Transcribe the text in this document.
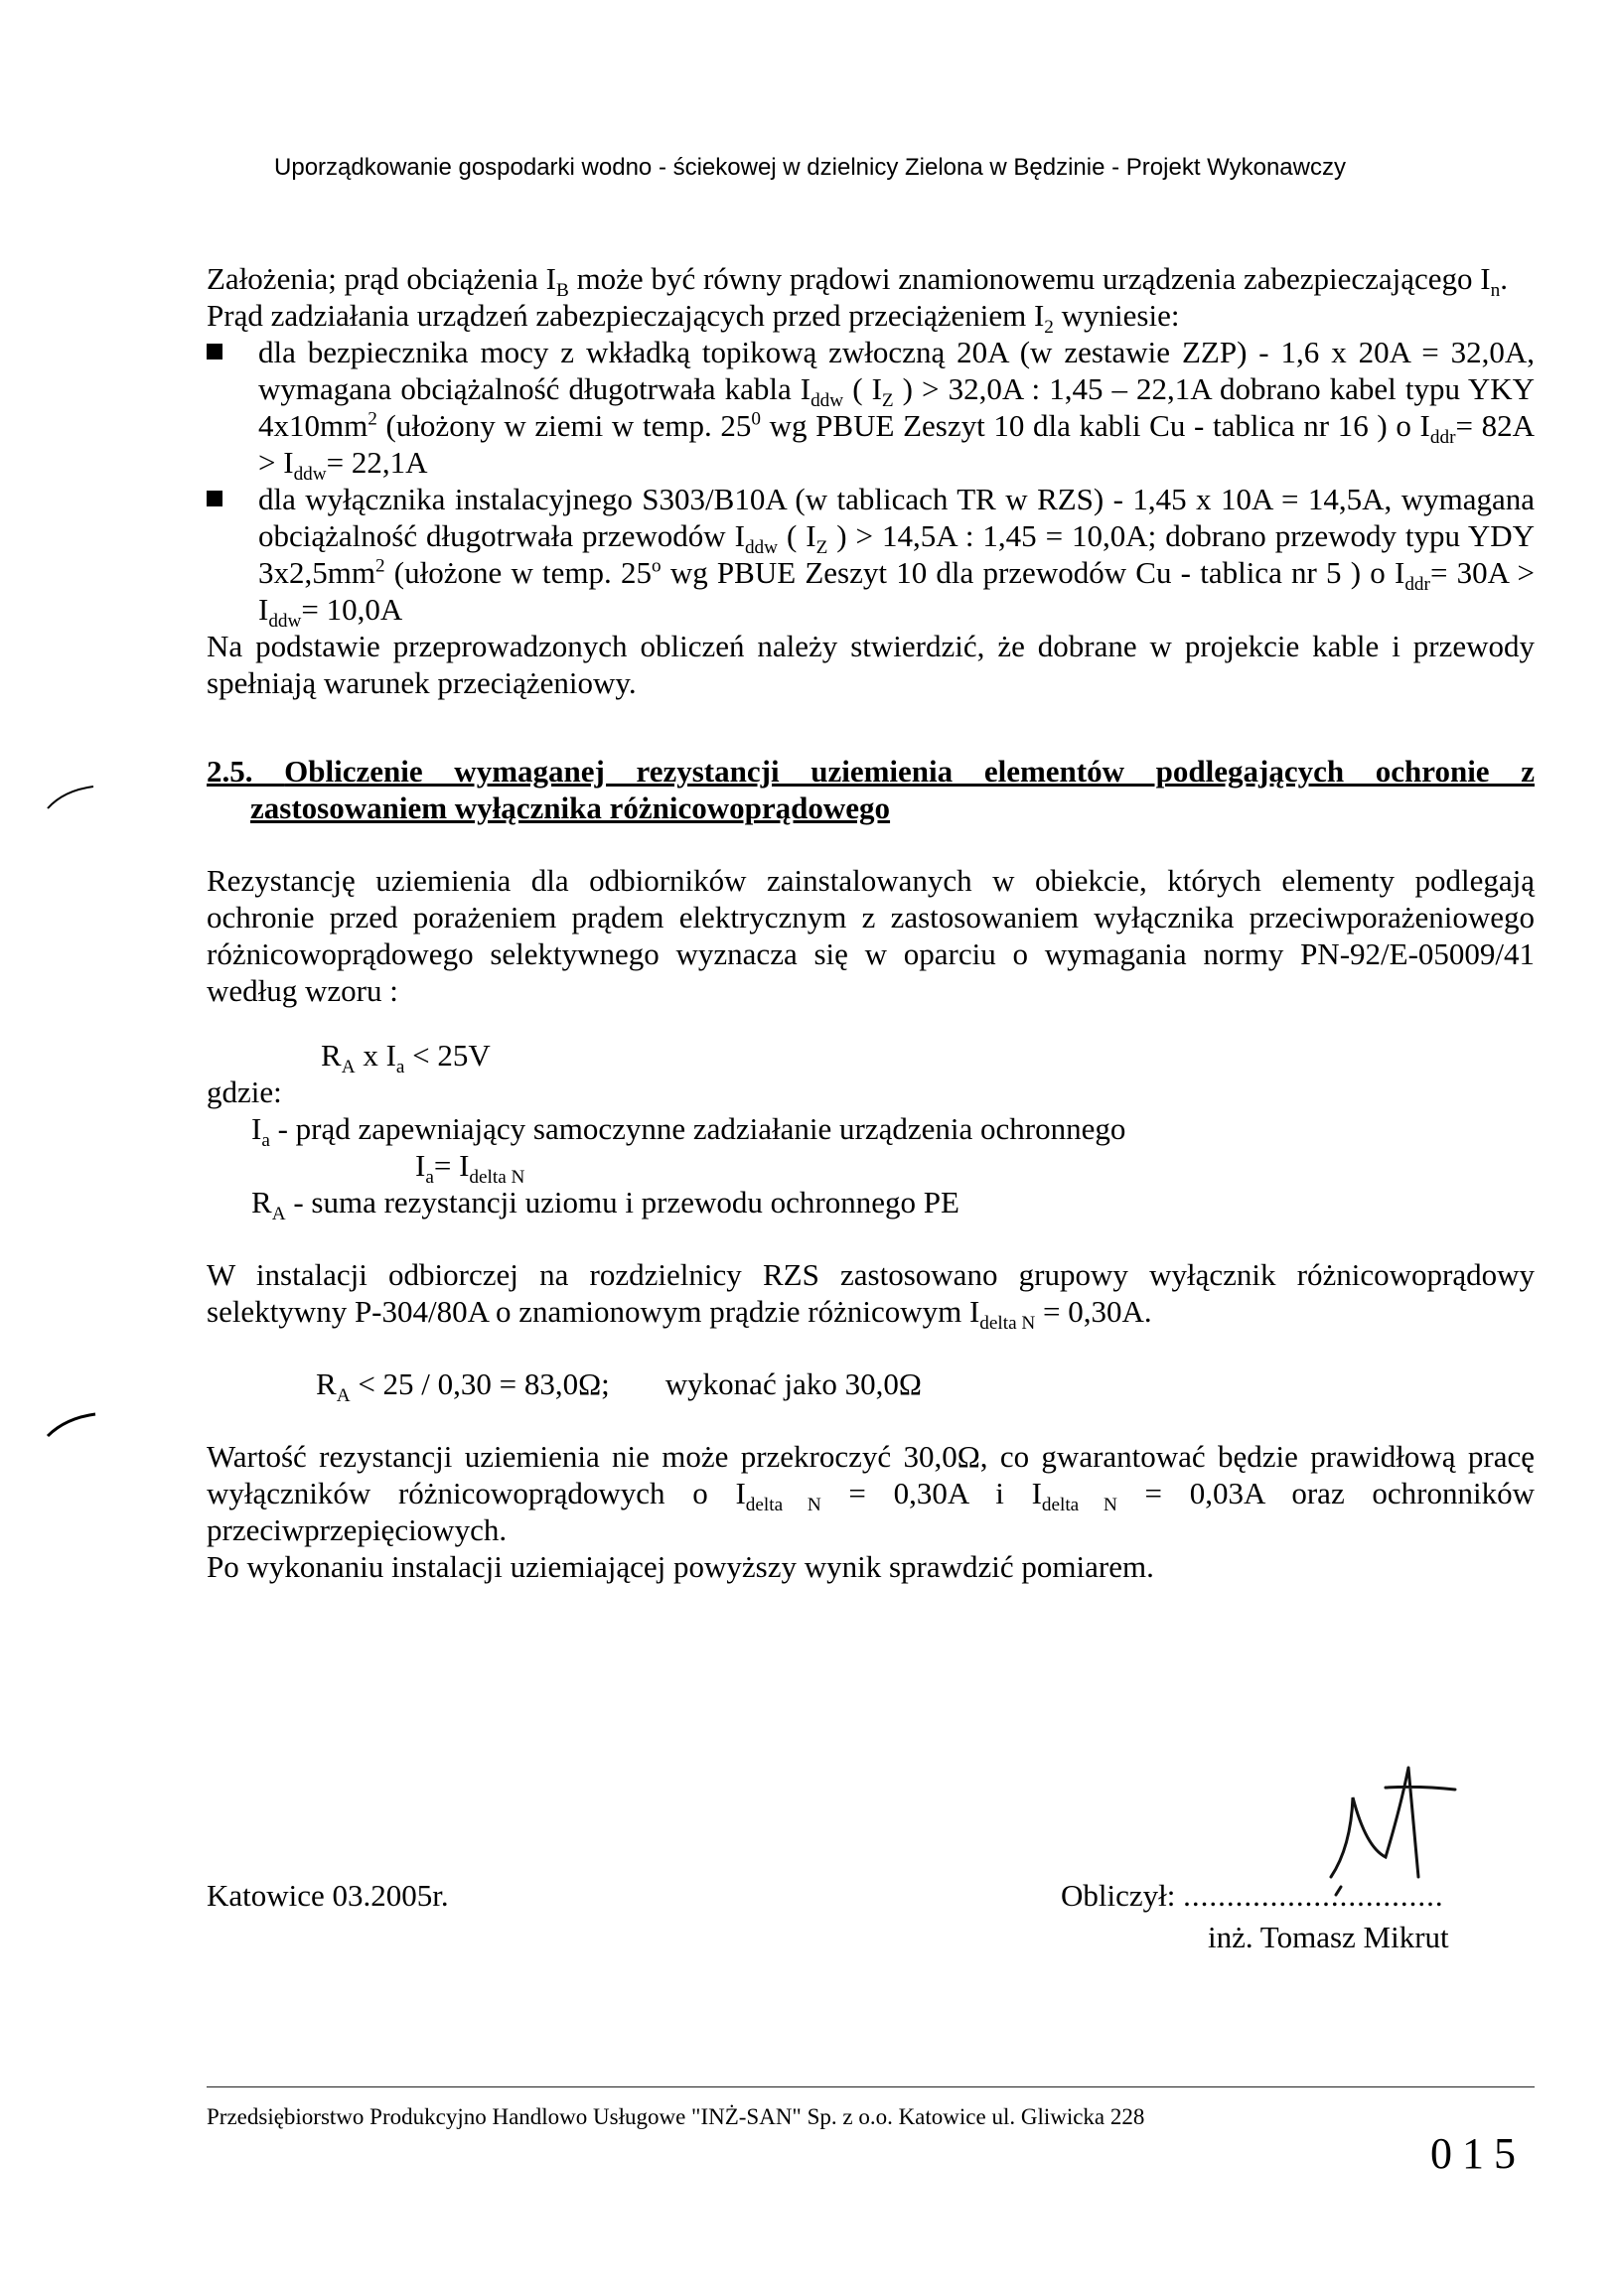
Uporządkowanie gospodarki wodno - ściekowej w dzielnicy Zielona w Będzinie - Projekt Wykonawczy

Założenia; prąd obciążenia $I_B$ może być równy prądowi znamionowemu urządzenia zabezpieczającego $I_n$.

Prąd zadziałania urządzeń zabezpieczających przed przeciążeniem $I_2$ wyniesie:

dla bezpiecznika mocy z wkładką topikową zwłoczną 20A (w zestawie ZZP) - 1,6 x 20A = 32,0A, wymagana obciążalność długotrwała kabla $I_{ddw}$ ( $I_Z$ ) > 32,0A : 1,45 – 22,1A dobrano kabel typu YKY $4x10mm^2$ (ułożony w ziemi w temp. $25^0$ wg PBUE Zeszyt 10 dla kabli Cu - tablica nr 16 ) o $I_{ddr}= 82A > I_{ddw}= 22,1A$
dla wyłącznika instalacyjnego S303/B10A (w tablicach TR w RZS) - 1,45 x 10A = 14,5A, wymagana obciążalność długotrwała przewodów $I_{ddw}$ ( $I_Z$ ) > 14,5A : 1,45 = 10,0A; dobrano przewody typu YDY $3x2,5mm^2$ (ułożone w temp. 25$^o$ wg PBUE Zeszyt 10 dla przewodów Cu - tablica nr 5 ) o $I_{ddr}= 30A > I_{ddw}= 10,0A$

Na podstawie przeprowadzonych obliczeń należy stwierdzić, że dobrane w projekcie kable i przewody spełniają warunek przeciążeniowy.

2.5. Obliczenie wymaganej rezystancji uziemienia elementów podlegających ochronie z zastosowaniem wyłącznika różnicowoprądowego

Rezystancję uziemienia dla odbiorników zainstalowanych w obiekcie, których elementy podlegają ochronie przed porażeniem prądem elektrycznym z zastosowaniem wyłącznika przeciwporażeniowego różnicowoprądowego selektywnego wyznacza się w oparciu o wymagania normy PN-92/E-05009/41 według wzoru :

$R_A$ x $I_a < 25V$
gdzie:
$I_a$ - prąd zapewniający samoczynne zadziałanie urządzenia ochronnego
$I_a= I_{delta N}$
$R_A$ - suma rezystancji uziomu i przewodu ochronnego PE

W instalacji odbiorczej na rozdzielnicy RZS zastosowano grupowy wyłącznik różnicowoprądowy selektywny P-304/80A o znamionowym prądzie różnicowym $I_{delta N} = 0,30A$.

$R_A < 25 / 0,30 = 83,0\Omega$; wykonać jako 30,0Ω

Wartość rezystancji uziemienia nie może przekroczyć 30,0Ω, co gwarantować będzie prawidłową pracę wyłączników różnicowoprądowych o $I_{delta N} = 0,30A$ i $I_{delta N} = 0,03A$ oraz ochronników przeciwprzepięciowych.

Po wykonaniu instalacji uziemiającej powyższy wynik sprawdzić pomiarem.

Katowice 03.2005r.	Obliczył: ..............................
inż. Tomasz Mikrut
Przedsiębiorstwo Produkcyjno Handlowo Usługowe "INŻ-SAN" Sp. z o.o. Katowice ul. Gliwicka 228
015
